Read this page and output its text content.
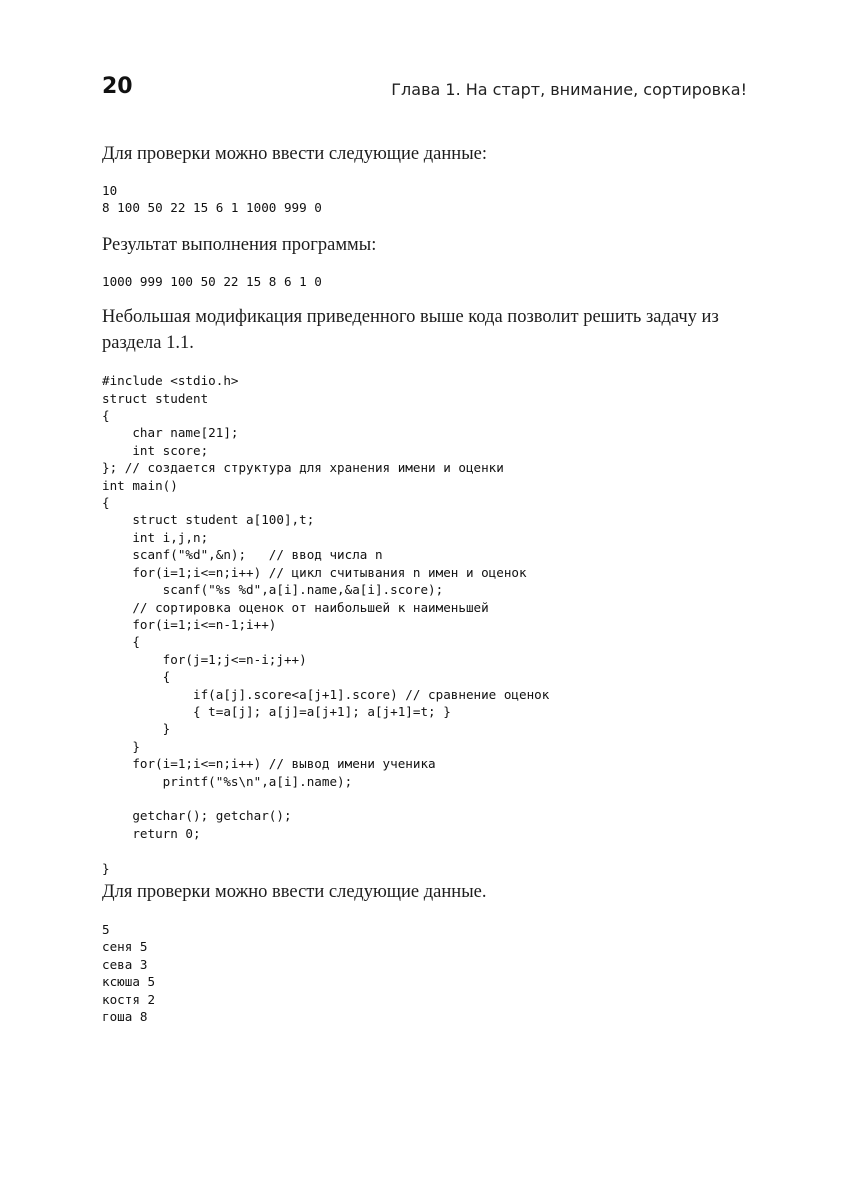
20	Глава 1. На старт, внимание, сортировка!

Для проверки можно ввести следующие данные:

10
8 100 50 22 15 6 1 1000 999 0

Результат выполнения программы:

1000 999 100 50 22 15 8 6 1 0

Небольшая модификация приведенного выше кода позволит решить задачу из раздела 1.1.

#include <stdio.h>
struct student
{
char name[21];
int score;
}; // создается структура для хранения имени и оценки
int main()
{
struct student a[100],t;
int i,j,n;
scanf("%d",&n);   // ввод числа n
for(i=1;i<=n;i++) // цикл считывания n имен и оценок
scanf("%s %d",a[i].name,&a[i].score);
// сортировка оценок от наибольшей к наименьшей
for(i=1;i<=n-1;i++)
{
for(j=1;j<=n-i;j++)
{
if(a[j].score<a[j+1].score) // сравнение оценок
{ t=a[j]; a[j]=a[j+1]; a[j+1]=t; }
}
}
for(i=1;i<=n;i++) // вывод имени ученика
printf("%s\n",a[i].name);

getchar(); getchar();
return 0;

}

Для проверки можно ввести следующие данные.

5
сеня 5
сева 3
ксюша 5
костя 2
гоша 8
